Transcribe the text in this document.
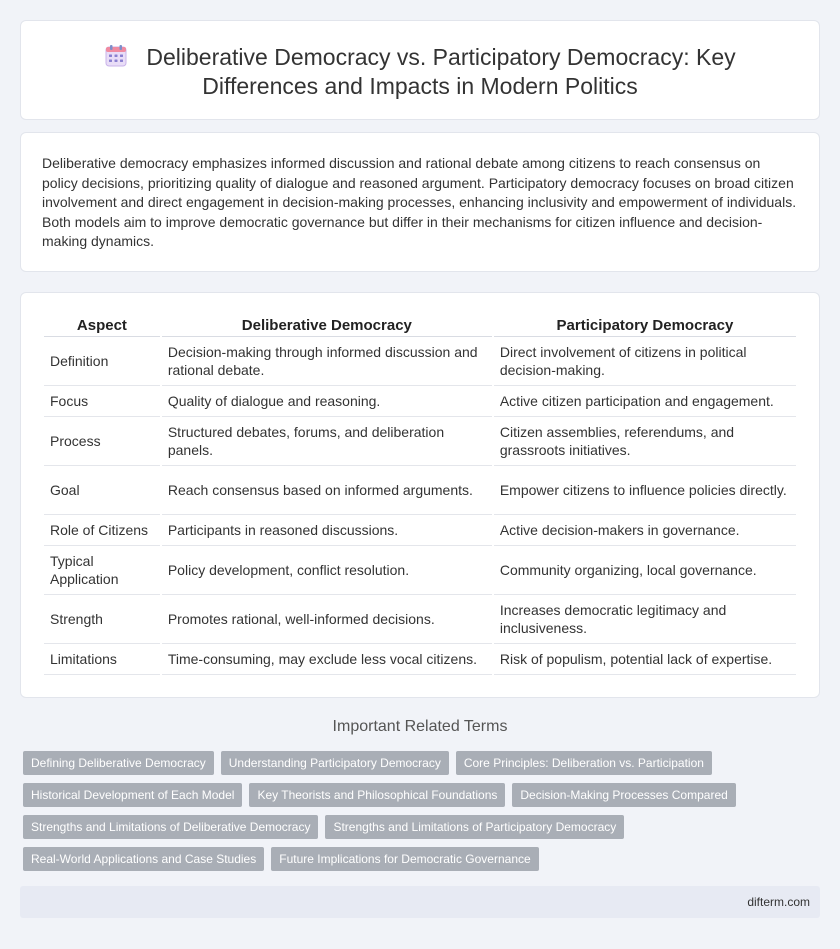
Deliberative Democracy vs. Participatory Democracy: Key Differences and Impacts in Modern Politics

Deliberative democracy emphasizes informed discussion and rational debate among citizens to reach consensus on policy decisions, prioritizing quality of dialogue and reasoned argument. Participatory democracy focuses on broad citizen involvement and direct engagement in decision-making processes, enhancing inclusivity and empowerment of individuals. Both models aim to improve democratic governance but differ in their mechanisms for citizen influence and decision-making dynamics.

Aspect	Deliberative Democracy	Participatory Democracy
Definition	Decision-making through informed discussion and rational debate.	Direct involvement of citizens in political decision-making.
Focus	Quality of dialogue and reasoning.	Active citizen participation and engagement.
Process	Structured debates, forums, and deliberation panels.	Citizen assemblies, referendums, and grassroots initiatives.
Goal	Reach consensus based on informed arguments.	Empower citizens to influence policies directly.
Role of Citizens	Participants in reasoned discussions.	Active decision-makers in governance.
Typical Application	Policy development, conflict resolution.	Community organizing, local governance.
Strength	Promotes rational, well-informed decisions.	Increases democratic legitimacy and inclusiveness.
Limitations	Time-consuming, may exclude less vocal citizens.	Risk of populism, potential lack of expertise.
Important Related Terms
Defining Deliberative Democracy	Understanding Participatory Democracy	Core Principles: Deliberation vs. Participation
Historical Development of Each Model	Key Theorists and Philosophical Foundations	Decision-Making Processes Compared
Strengths and Limitations of Deliberative Democracy	Strengths and Limitations of Participatory Democracy
Real-World Applications and Case Studies	Future Implications for Democratic Governance
difterm.com
